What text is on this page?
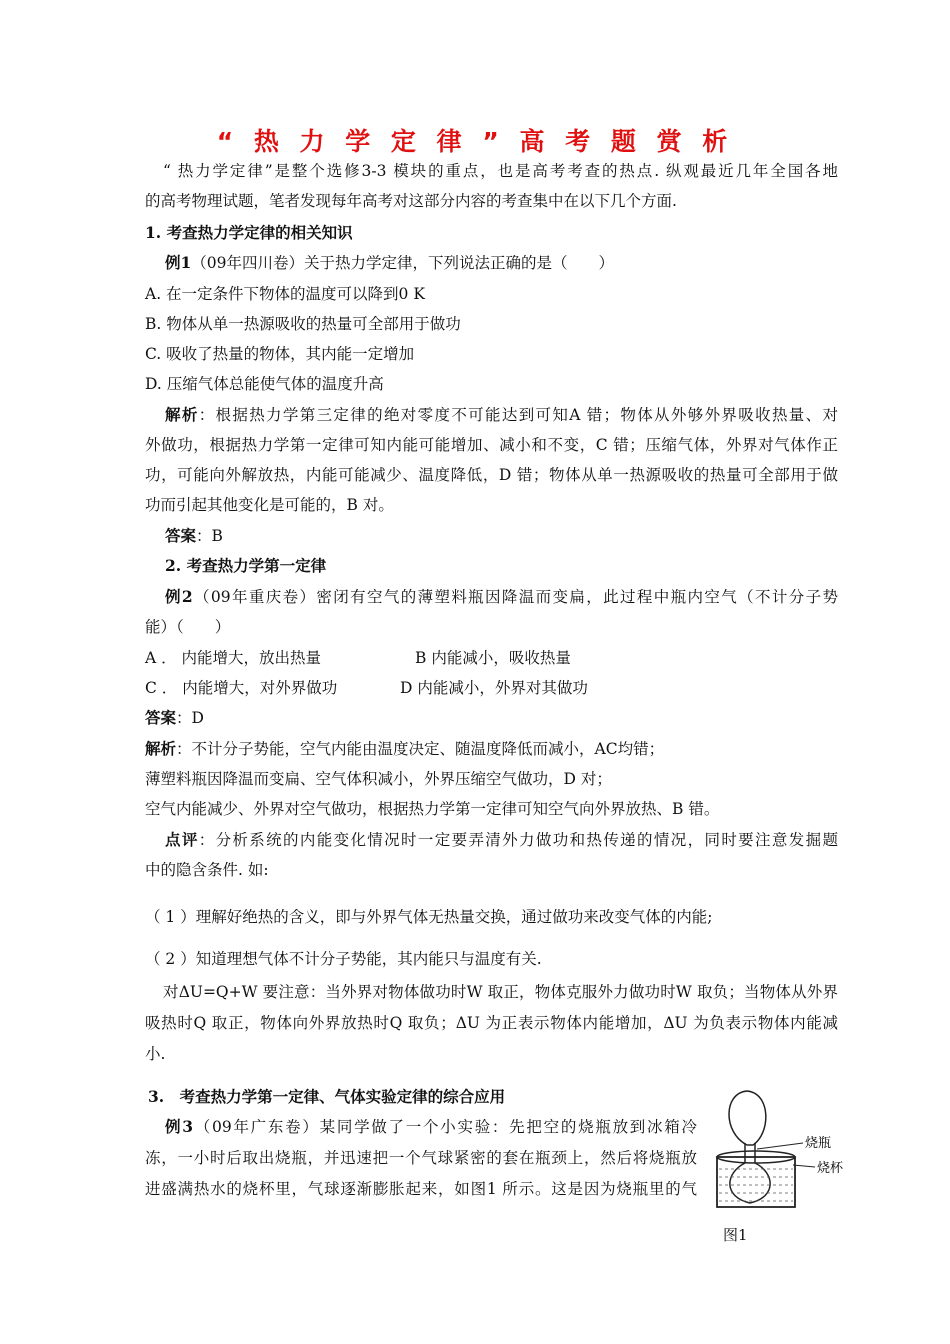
“ 热 力 学 定 律 ” 高 考 题 赏 析
“ 热力学定律”是整个选修3-3 模块的重点，也是高考考查的热点. 纵观最近几年全国各地
的高考物理试题，笔者发现每年高考对这部分内容的考查集中在以下几个方面.
1. 考查热力学定律的相关知识
例1（09年四川卷）关于热力学定律，下列说法正确的是（　　）
A. 在一定条件下物体的温度可以降到0 K
B. 物体从单一热源吸收的热量可全部用于做功
C. 吸收了热量的物体，其内能一定增加
D. 压缩气体总能使气体的温度升高
解析：根据热力学第三定律的绝对零度不可能达到可知A 错；物体从外够外界吸收热量、对
外做功，根据热力学第一定律可知内能可能增加、减小和不变，C 错；压缩气体，外界对气体作正
功，可能向外解放热，内能可能减少、温度降低，D 错；物体从单一热源吸收的热量可全部用于做
功而引起其他变化是可能的，B 对。
答案：B
2. 考查热力学第一定律
例2（09年重庆卷）密闭有空气的薄塑料瓶因降温而变扁，此过程中瓶内空气（不计分子势
能）（　　）
A ． 内能增大，放出热量	B 内能减小，吸收热量
C ． 内能增大，对外界做功	D 内能减小，外界对其做功
答案：D
解析：不计分子势能，空气内能由温度决定、随温度降低而减小，AC均错；
薄塑料瓶因降温而变扁、空气体积减小，外界压缩空气做功，D 对；
空气内能减少、外界对空气做功，根据热力学第一定律可知空气向外界放热、B 错。
点评：分析系统的内能变化情况时一定要弄清外力做功和热传递的情况，同时要注意发掘题
中的隐含条件. 如:
（ 1 ）理解好绝热的含义，即与外界气体无热量交换，通过做功来改变气体的内能;
（ 2 ）知道理想气体不计分子势能，其内能只与温度有关.
对ΔU=Q+W 要注意：当外界对物体做功时W 取正，物体克服外力做功时W 取负；当物体从外界
吸热时Q 取正，物体向外界放热时Q 取负；ΔU 为正表示物体内能增加，ΔU 为负表示物体内能减
小.
3.　考查热力学第一定律、气体实验定律的综合应用
例3（09年广东卷）某同学做了一个小实验：先把空的烧瓶放到冰箱冷
冻，一小时后取出烧瓶，并迅速把一个气球紧密的套在瓶颈上，然后将烧瓶放
进盛满热水的烧杯里，气球逐渐膨胀起来，如图1 所示。这是因为烧瓶里的气
烧瓶
烧杯
图1
